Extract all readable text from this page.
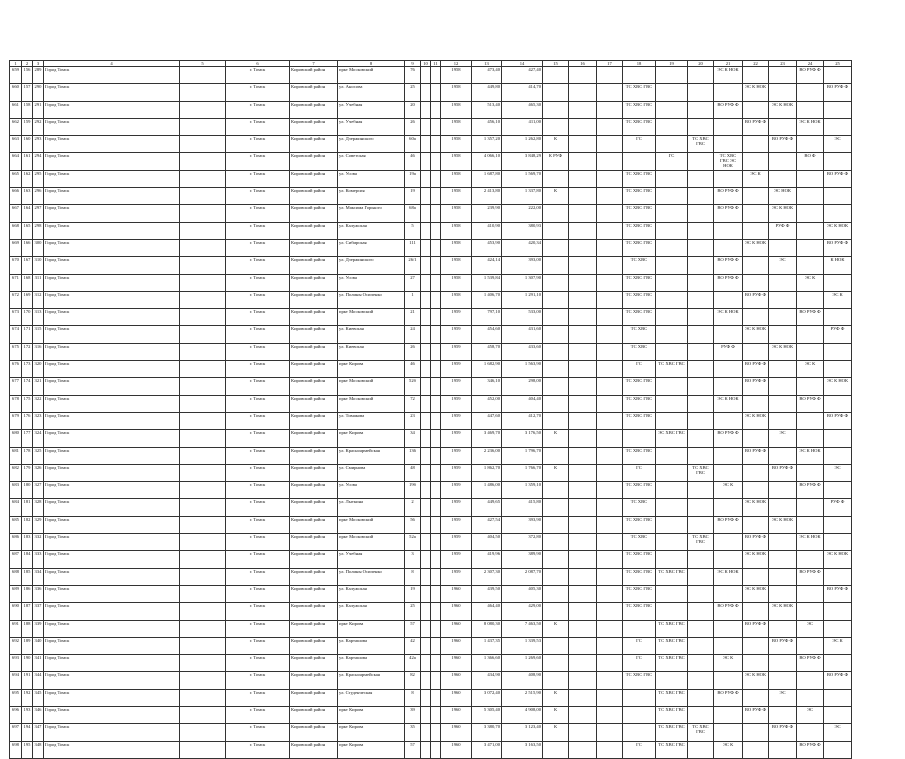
1	2	3	4	5	6	7	8	9	10	11	12	13	14	15	16	17	18	19	20	21	22	23	24	25
659	156	289	Город Томск		г. Томск	Кировский район	пркт Московский	76			1958	473,40	427,40							ЭС К НОК			ВО РУФ Ф	
660	157	290	Город Томск		г. Томск	Кировский район	ул. Аносова	25			1958	449,80	414,70				ТС ХВС ГВС				ЭС К НОК			ВО РУФ Ф
661	158	291	Город Томск		г. Томск	Кировский район	ул. Учебная	20			1958	513,40	465,30				ТС ХВС ГВС			ВО РУФ Ф		ЭС К НОК		
662	159	292	Город Томск		г. Томск	Кировский район	ул. Учебная	26			1958	456,10	411,00				ТС ХВС ГВС				ВО РУФ Ф		ЭС К НОК	
663	160	293	Город Томск		г. Томск	Кировский район	ул. Дзержинского	60а			1958	1 357,20	1 262,80	К			ГС		ТС ХВС ГВС			ВО РУФ Ф		ЭС
664	161	294	Город Томск		г. Томск	Кировский район	ул. Советская	46			1958	4 066,10	3 848,29	К РУФ				ГС		ТС ХВС ГВС ЭС НОК			ВО Ф	
665	162	295	Город Томск		г. Томск	Кировский район	ул. Усова	19а			1958	1 687,80	1 569,70				ТС ХВС ГВС				ЭС К			ВО РУФ Ф
666	163	296	Город Томск		г. Томск	Кировский район	ул. Комерсия	19			1958	2 413,80	1 337,80	К			ТС ХВС ГВС			ВО РУФ Ф		ЭС НОК		
667	164	297	Город Томск		г. Томск	Кировский район	ул. Максима Горького	68а			1958	239,90	222,00				ТС ХВС ГВС			ВО РУФ Ф		ЭС К НОК		
668	165	298	Город Томск		г. Томск	Кировский район	ул. Калужская	5			1958	410,90	380,93				ТС ХВС ГВС					РУФ Ф		ЭС К НОК
669	166	300	Город Томск		г. Томск	Кировский район	ул. Сибирская	111			1958	453,90	420,34				ТС ХВС ГВС				ЭС К НОК			ВО РУФ Ф
670	167	310	Город Томск		г. Томск	Кировский район	ул. Дзержинского	26/1			1958	424,14	393,00				ТС ХВС			ВО РУФ Ф		ЭС		К НОК
671	168	311	Город Томск		г. Томск	Кировский район	ул. Усова	27			1958	1 539,84	1 307,90				ТС ХВС ГВС			ВО РУФ Ф			ЭС К	
672	169	312	Город Томск		г. Томск	Кировский район	ул. Полины Осипенко	1			1958	1 406,70	1 291,10				ТС ХВС ГВС				ВО РУФ Ф			ЭС К
673	170	313	Город Томск		г. Томск	Кировский район	пркт Московский	21			1959	797,10	533,00				ТС ХВС ГВС			ЭС К НОК			ВО РУФ Ф	
674	171	315	Город Томск		г. Томск	Кировский район	ул. Киевская	24			1959	454,60	431,60				ТС ХВС				ЭС К НОК			РУФ Ф
675	172	316	Город Томск		г. Томск	Кировский район	ул. Киевская	26			1959	458,70	433,60				ТС ХВС			РУФ Ф		ЭС К НОК		
676	173	320	Город Томск		г. Томск	Кировский район	пркт Кирова	46			1959	1 682,90	1 563,90				ГС	ТС ХВС ГВС			ВО РУФ Ф		ЭС К	
677	174	321	Город Томск		г. Томск	Кировский район	пркт Московский	52б			1959	346,10	298,00				ТС ХВС ГВС				ВО РУФ Ф			ЭС К НОК
678	175	322	Город Томск		г. Томск	Кировский район	пркт Московский	72			1959	452,00	404,40				ТС ХВС ГВС			ЭС К НОК			ВО РУФ Ф	
679	176	323	Город Томск		г. Томск	Кировский район	ул. Тимакова	23			1959	447,60	412,70				ТС ХВС ГВС				ЭС К НОК			ВО РУФ Ф
680	177	324	Город Томск		г. Томск	Кировский район	пркт Кирова	34			1959	3 469,70	3 176,50	К				ЭС ХВС ГВС		ВО РУФ Ф		ЭС		
681	178	325	Город Томск		г. Томск	Кировский район	ул. Красноармейская	136			1959	2 236,00	1 796,70				ТС ХВС ГВС				ВО РУФ Ф		ЭС К НОК	
682	179	326	Город Томск		г. Томск	Кировский район	ул. Смирнова	48			1959	1 862,70	1 766,70	К			ГС		ТС ХВС ГВС			ВО РУФ Ф		ЭС
683	180	327	Город Томск		г. Томск	Кировский район	ул. Усова	19б			1959	1 486,00	1 359,10				ТС ХВС ГВС			ЭС К			ВО РУФ Ф	
684	181	328	Город Томск		г. Томск	Кировский район	ул. Лыткина	2			1959	449,65	415,80				ТС ХВС				ЭС К НОК			РУФ Ф
685	182	329	Город Томск		г. Томск	Кировский район	пркт Московский	56			1959	427,54	393,90				ТС ХВС ГВС			ВО РУФ Ф		ЭС К НОК		
686	183	332	Город Томск		г. Томск	Кировский район	пркт Московский	52а			1959	404,50	372,80				ТС ХВС		ТС ХВС ГВС		ВО РУФ Ф		ЭС К НОК	
687	184	333	Город Томск		г. Томск	Кировский район	ул. Учебная	3			1959	419,96	389,90				ТС ХВС ГВС				ЭС К НОК			ЭС К НОК
688	185	334	Город Томск		г. Томск	Кировский район	ул. Полины Осипенко	8			1959	2 307,30	2 087,70				ТС ХВС ГВС	ТС ХВС ГВС		ЭС К НОК			ВО РУФ Ф	
689	186	336	Город Томск		г. Томск	Кировский район	ул. Калужская	19			1960	439,50	405,30				ТС ХВС ГВС				ЭС К НОК			ВО РУФ Ф
690	187	337	Город Томск		г. Томск	Кировский район	ул. Калужская	25			1960	464,40	429,00				ТС ХВС ГВС			ВО РУФ Ф		ЭС К НОК		
691	188	339	Город Томск		г. Томск	Кировский район	пркт Кирова	57			1960	8 080,30	7 463,50	К				ТС ХВС ГВС			ВО РУФ Ф		ЭС	
692	189	340	Город Томск		г. Томск	Кировский район	ул. Карташова	42			1960	1 437,35	1 339,53				ГС	ТС ХВС ГВС				ВО РУФ Ф		ЭС К
693	190	341	Город Томск		г. Томск	Кировский район	ул. Карташова	42а			1960	1 366,60	1 269,60				ГС	ТС ХВС ГВС		ЭС К			ВО РУФ Ф	
694	191	344	Город Томск		г. Томск	Кировский район	ул. Красноармейская	82			1960	434,90	408,90				ТС ХВС ГВС				ЭС К НОК			ВО РУФ Ф
695	192	345	Город Томск		г. Томск	Кировский район	ул. Студенческая	8			1960	3 072,40	2 515,90	К				ТС ХВС ГВС		ВО РУФ Ф		ЭС		
696	193	346	Город Томск		г. Томск	Кировский район	пркт Кирова	39			1960	5 305,40	4 908,00	К				ТС ХВС ГВС			ВО РУФ Ф		ЭС	
697	194	347	Город Томск		г. Томск	Кировский район	пркт Кирова	35			1960	3 380,70	3 123,40	К				ТС ХВС ГВС	ТС ХВС ГВС			ВО РУФ Ф		ЭС
698	195	348	Город Томск		г. Томск	Кировский район	пркт Кирова	57			1960	3 471,00	3 163,50				ГС	ТС ХВС ГВС		ЭС К			ВО РУФ Ф	
